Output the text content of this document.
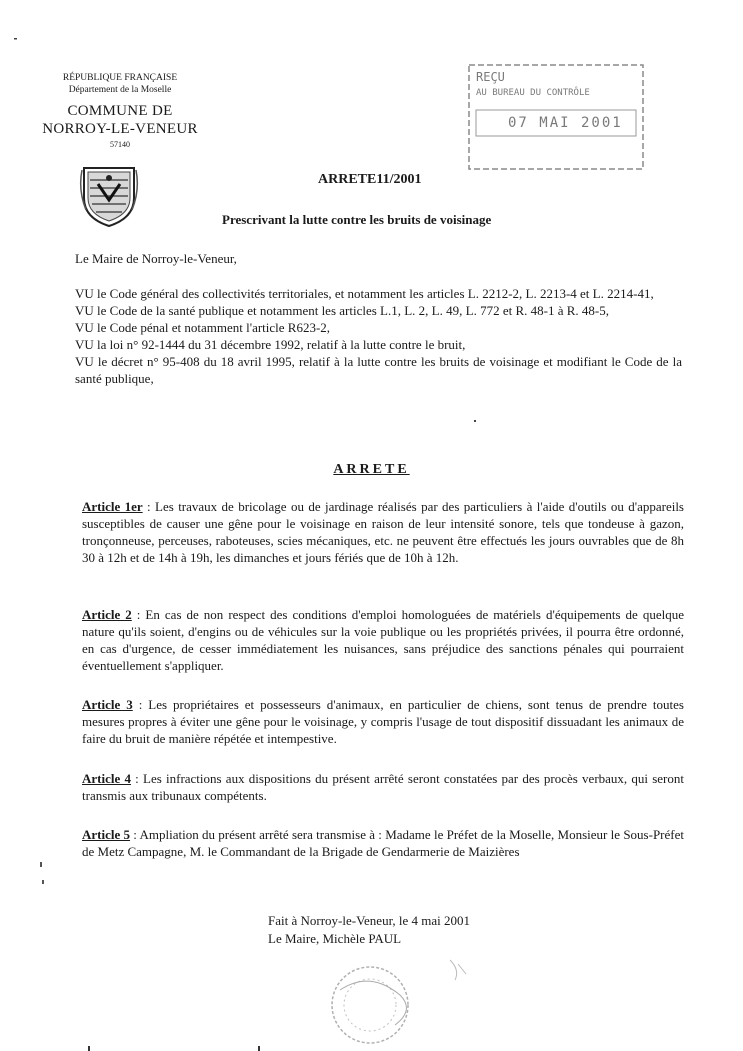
RÉPUBLIQUE FRANÇAISE
Département de la Moselle
COMMUNE DE
NORROY-LE-VENEUR
57140
REÇU
AU BUREAU DU CONTRÔLE
07 MAI 2001
ARRETE11/2001
Prescrivant la lutte contre les bruits de voisinage
Le Maire de Norroy-le-Veneur,
VU le Code général des collectivités territoriales, et notamment les articles L. 2212-2, L. 2213-4 et L. 2214-41,
VU le Code de la santé publique et notamment les articles L.1, L. 2, L. 49, L. 772 et R. 48-1 à R. 48-5,
VU le Code pénal et notamment l'article R623-2,
VU la loi n° 92-1444 du 31 décembre 1992, relatif à la lutte contre le bruit,
VU le décret n° 95-408 du 18 avril 1995, relatif à la lutte contre les bruits de voisinage et modifiant le Code de la santé publique,
ARRETE
Article 1er : Les travaux de bricolage ou de jardinage réalisés par des particuliers à l'aide d'outils ou d'appareils susceptibles de causer une gêne pour le voisinage en raison de leur intensité sonore, tels que tondeuse à gazon, tronçonneuse, perceuses, raboteuses, scies mécaniques, etc. ne peuvent être effectués les jours ouvrables que de 8h 30 à 12h et de 14h à 19h, les dimanches et jours fériés que de 10h à 12h.
Article 2 : En cas de non respect des conditions d'emploi homologuées de matériels d'équipements de quelque nature qu'ils soient, d'engins ou de véhicules sur la voie publique ou les propriétés privées, il pourra être ordonné, en cas d'urgence, de cesser immédiatement les nuisances, sans préjudice des sanctions pénales qui pourraient éventuellement s'appliquer.
Article 3 : Les propriétaires et possesseurs d'animaux, en particulier de chiens, sont tenus de prendre toutes mesures propres à éviter une gêne pour le voisinage, y compris l'usage de tout dispositif dissuadant les animaux de faire du bruit de manière répétée et intempestive.
Article 4 : Les infractions aux dispositions du présent arrêté seront constatées par des procès verbaux, qui seront transmis aux tribunaux compétents.
Article 5 : Ampliation du présent arrêté sera transmise à : Madame le Préfet de la Moselle, Monsieur le Sous-Préfet de Metz Campagne, M. le Commandant de la Brigade de Gendarmerie de Maizières
Fait à Norroy-le-Veneur, le 4 mai 2001
Le Maire, Michèle PAUL
